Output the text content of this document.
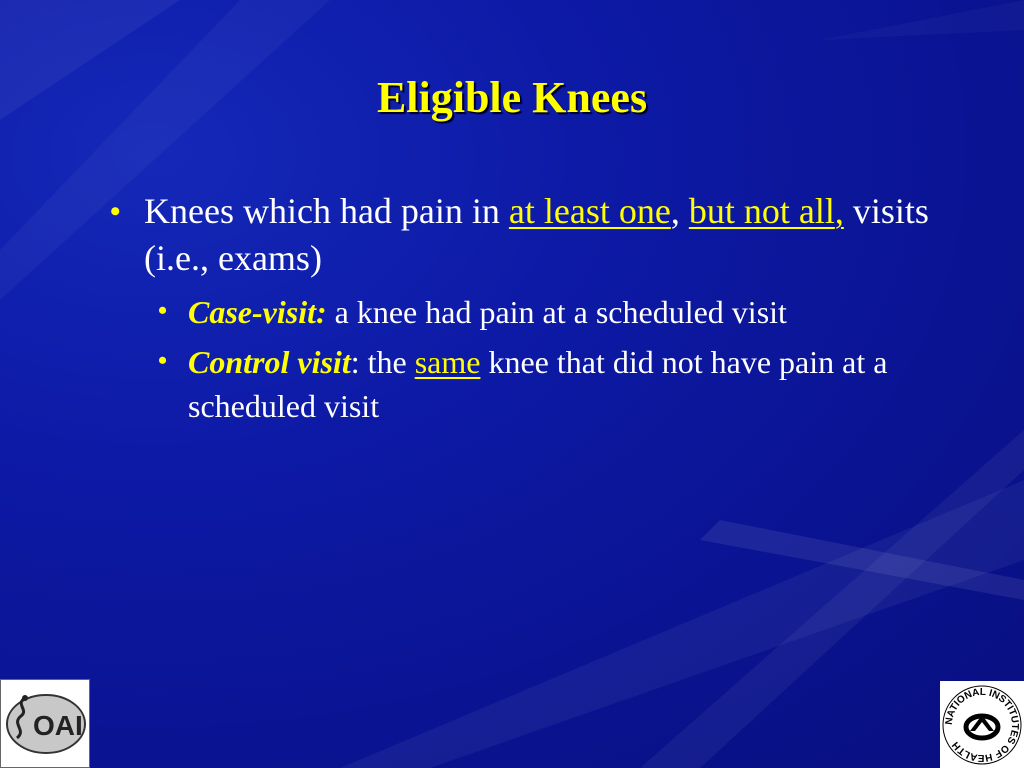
Eligible Knees
• Knees which had pain in at least one, but not all, visits (i.e., exams)
• Case-visit: a knee had pain at a scheduled visit
• Control visit: the same knee that did not have pain at a scheduled visit
OAI	NATIONAL INSTITUTES OF HEALTH
